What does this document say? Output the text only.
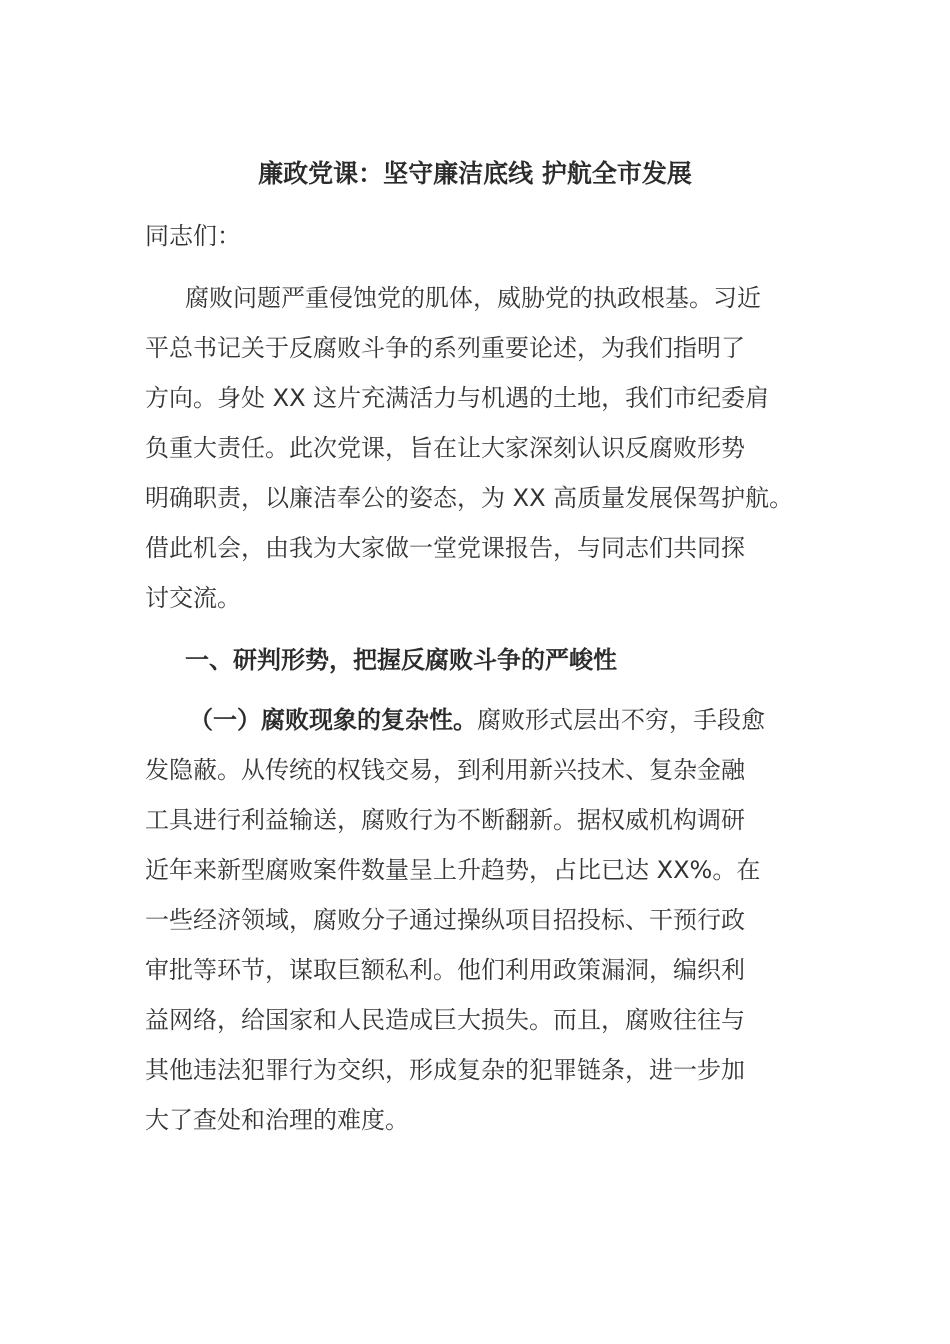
廉政党课：坚守廉洁底线 护航全市发展
同志们：
腐败问题严重侵蚀党的肌体，威胁党的执政根基。习近
平总书记关于反腐败斗争的系列重要论述，为我们指明了
方向。身处 XX 这片充满活力与机遇的土地，我们市纪委肩
负重大责任。此次党课，旨在让大家深刻认识反腐败形势
明确职责，以廉洁奉公的姿态，为 XX 高质量发展保驾护航。
借此机会，由我为大家做一堂党课报告，与同志们共同探
讨交流。
一、研判形势，把握反腐败斗争的严峻性
（一）腐败现象的复杂性。腐败形式层出不穷，手段愈
发隐蔽。从传统的权钱交易，到利用新兴技术、复杂金融
工具进行利益输送，腐败行为不断翻新。据权威机构调研
近年来新型腐败案件数量呈上升趋势，占比已达 XX%。在
一些经济领域，腐败分子通过操纵项目招投标、干预行政
审批等环节，谋取巨额私利。他们利用政策漏洞，编织利
益网络，给国家和人民造成巨大损失。而且，腐败往往与
其他违法犯罪行为交织，形成复杂的犯罪链条，进一步加
大了查处和治理的难度。
